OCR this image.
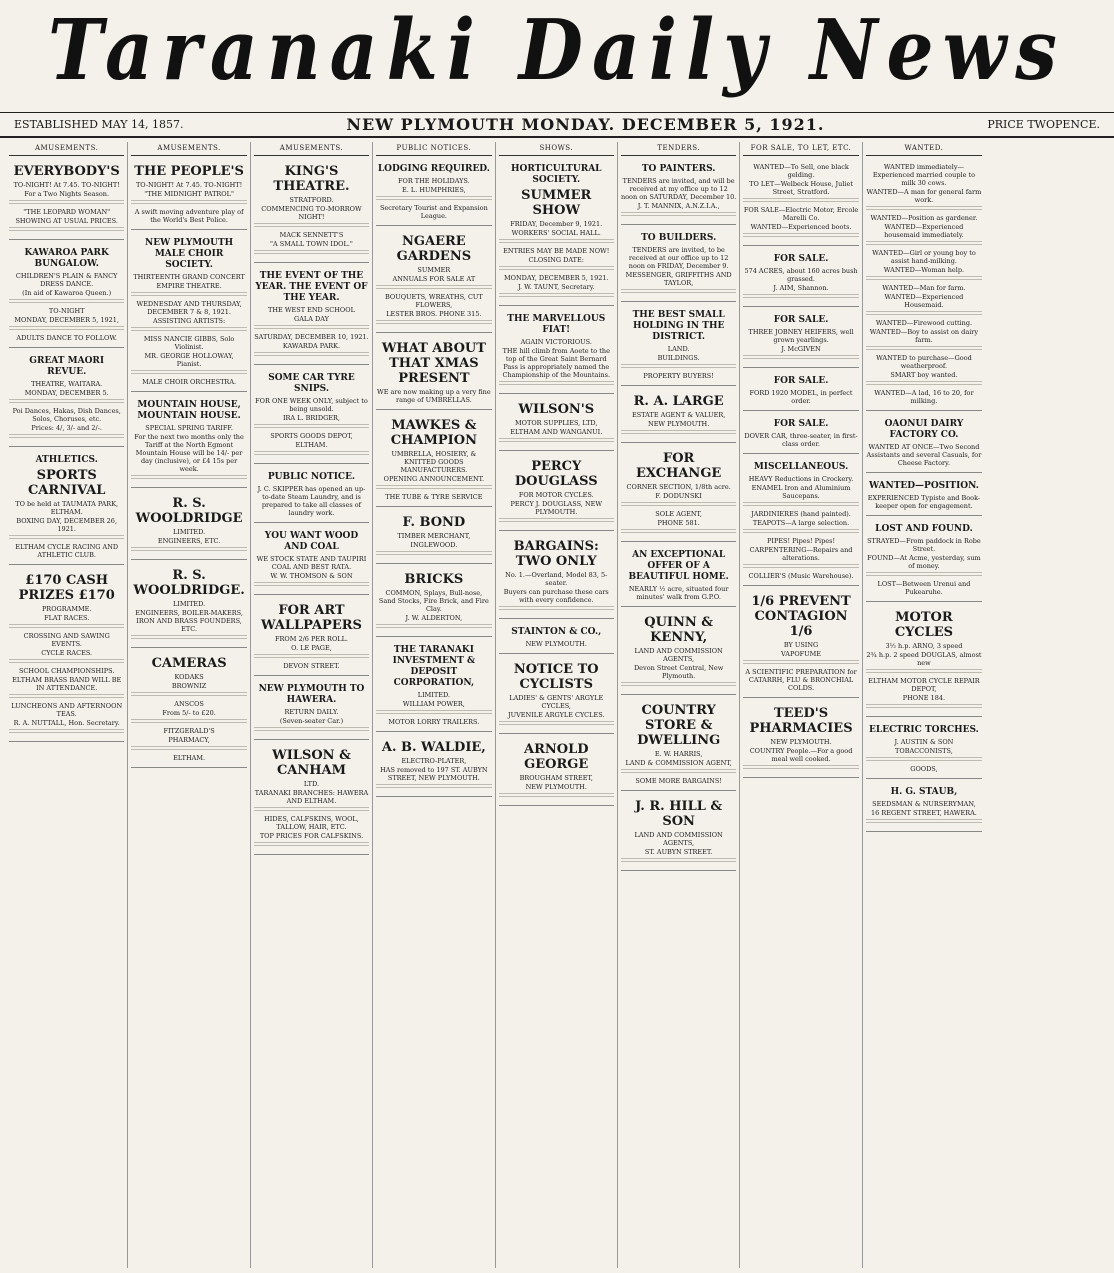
Taranaki Daily News
ESTABLISHED MAY 14, 1857.	NEW PLYMOUTH MONDAY. DECEMBER 5, 1921.	PRICE TWOPENCE.
AMUSEMENTS.
EVERYBODY'S
TO-NIGHT! At 7.45. TO-NIGHT!
For a Two Nights Season.
"THE LEOPARD WOMAN"
SHOWING AT USUAL PRICES.
KAWAROA PARK BUNGALOW.
CHILDREN'S PLAIN & FANCY DRESS DANCE.
(In aid of Kawaroa Queen.)
TO-NIGHT
MONDAY, DECEMBER 5, 1921,
ADULTS DANCE TO FOLLOW.
GREAT MAORI REVUE.
THEATRE, WAITARA.
MONDAY, DECEMBER 5.
Poi Dances, Hakas, Dish Dances, Solos, Choruses, etc.
Prices: 4/, 3/- and 2/-.
ATHLETICS.
SPORTS CARNIVAL
TO be held at TAUMATA PARK, ELTHAM.
BOXING DAY, DECEMBER 26, 1921.
ELTHAM CYCLE RACING AND ATHLETIC CLUB.
£170 CASH PRIZES £170
PROGRAMME.
FLAT RACES.
CROSSING AND SAWING EVENTS.
CYCLE RACES.
SCHOOL CHAMPIONSHIPS.
ELTHAM BRASS BAND WILL BE IN ATTENDANCE.
LUNCHEONS AND AFTERNOON TEAS.
R. A. NUTTALL, Hon. Secretary.
AMUSEMENTS.
THE PEOPLE'S
TO-NIGHT! At 7.45. TO-NIGHT!
"THE MIDNIGHT PATROL"
A swift moving adventure play of the World's Best Police.
NEW PLYMOUTH MALE CHOIR SOCIETY.
THIRTEENTH GRAND CONCERT
EMPIRE THEATRE.
WEDNESDAY AND THURSDAY, DECEMBER 7 & 8, 1921.
ASSISTING ARTISTS:
MISS NANCIE GIBBS, Solo Violinist.
MR. GEORGE HOLLOWAY, Pianist.
MALE CHOIR ORCHESTRA.
MOUNTAIN HOUSE, MOUNTAIN HOUSE.
SPECIAL SPRING TARIFF.
For the next two months only the Tariff at the North Egmont Mountain House will be 14/- per day (inclusive), or £4 15s per week.
R. S. WOOLDRIDGE
LIMITED.
ENGINEERS, ETC.
R. S. WOOLDRIDGE.
LIMITED.
ENGINEERS, BOILER-MAKERS, IRON AND BRASS FOUNDERS, ETC.
CAMERAS
KODAKS
BROWNIZ
ANSCOS
From 5/- to £20.
FITZGERALD'S
PHARMACY,
ELTHAM.
AMUSEMENTS.
KING'S THEATRE.
STRATFORD.
COMMENCING TO-MORROW NIGHT!
MACK SENNETT'S
"A SMALL TOWN IDOL."
THE EVENT OF THE YEAR. THE EVENT OF THE YEAR.
THE WEST END SCHOOL
GALA DAY
SATURDAY, DECEMBER 10, 1921.
KAWARDA PARK.
SOME CAR TYRE SNIPS.
FOR ONE WEEK ONLY, subject to being unsold.
IRA L. BRIDGER,
SPORTS GOODS DEPOT,
ELTHAM.
PUBLIC NOTICE.
J. C. SKIPPER has opened an up-to-date Steam Laundry, and is prepared to take all classes of laundry work.
YOU WANT WOOD AND COAL
WE STOCK STATE AND TAUPIRI COAL AND BEST RATA.
W. W. THOMSON & SON
FOR ART WALLPAPERS
FROM 2/6 PER ROLL.
O. LE PAGE,
DEVON STREET.
NEW PLYMOUTH TO HAWERA.
RETURN DAILY.
(Seven-seater Car.)
WILSON & CANHAM
LTD.
TARANAKI BRANCHES: HAWERA AND ELTHAM.
HIDES, CALFSKINS, WOOL, TALLOW, HAIR, ETC.
TOP PRICES FOR CALFSKINS.
PUBLIC NOTICES.
LODGING REQUIRED.
FOR THE HOLIDAYS.
E. L. HUMPHRIES,
Secretary Tourist and Expansion League.
NGAERE GARDENS
SUMMER
ANNUALS FOR SALE AT
BOUQUETS, WREATHS, CUT FLOWERS,
LESTER BROS. PHONE 315.
WHAT ABOUT THAT XMAS PRESENT
WE are now making up a very fine range of UMBRELLAS.
MAWKES & CHAMPION
UMBRELLA, HOSIERY, & KNITTED GOODS MANUFACTURERS.
OPENING ANNOUNCEMENT.
THE TUBE & TYRE SERVICE
F. BOND
TIMBER MERCHANT,
INGLEWOOD.
BRICKS
COMMON, Splays, Bull-nose, Sand Stocks, Fire Brick, and Fire Clay.
J. W. ALDERTON,
THE TARANAKI INVESTMENT & DEPOSIT CORPORATION,
LIMITED.
WILLIAM POWER,
MOTOR LORRY TRAILERS.
A. B. WALDIE,
ELECTRO-PLATER,
HAS removed to 197 ST. AUBYN STREET, NEW PLYMOUTH.
SHOWS.
HORTICULTURAL SOCIETY.
SUMMER SHOW
FRIDAY, December 9, 1921.
WORKERS' SOCIAL HALL.
ENTRIES MAY BE MADE NOW!
CLOSING DATE:
MONDAY, DECEMBER 5, 1921.
J. W. TAUNT, Secretary.
THE MARVELLOUS FIAT!
AGAIN VICTORIOUS.
THE hill climb from Aoete to the top of the Great Saint Bernard Pass is appropriately named the Championship of the Mountains.
WILSON'S
MOTOR SUPPLIES, LTD,
ELTHAM AND WANGANUI.
PERCY DOUGLASS
FOR MOTOR CYCLES.
PERCY J. DOUGLASS, NEW PLYMOUTH.
BARGAINS: TWO ONLY
No. 1.—Overland, Model 83, 5-seater.
Buyers can purchase these cars with every confidence.
STAINTON & CO.,
NEW PLYMOUTH.
NOTICE TO CYCLISTS
LADIES' & GENTS' ARGYLE CYCLES,
JUVENILE ARGYLE CYCLES.
ARNOLD GEORGE
BROUGHAM STREET,
NEW PLYMOUTH.
TENDERS.
TO PAINTERS.
TENDERS are invited, and will be received at my office up to 12 noon on SATURDAY, December 10.
J. T. MANNIX, A.N.Z.I.A.,
TO BUILDERS.
TENDERS are invited, to be received at our office up to 12 noon on FRIDAY, December 9.
MESSENGER, GRIFFITHS AND TAYLOR,
THE BEST SMALL HOLDING IN THE DISTRICT.
LAND.
BUILDINGS.
PROPERTY BUYERS!
R. A. LARGE
ESTATE AGENT & VALUER,
NEW PLYMOUTH.
FOR EXCHANGE
CORNER SECTION, 1/8th acre.
F. DODUNSKI
SOLE AGENT,
PHONE 581.
AN EXCEPTIONAL OFFER OF A BEAUTIFUL HOME.
NEARLY ½ acre, situated four minutes' walk from G.P.O.
QUINN & KENNY,
LAND AND COMMISSION AGENTS,
Devon Street Central, New Plymouth.
COUNTRY STORE & DWELLING
E. W. HARRIS,
LAND & COMMISSION AGENT,
SOME MORE BARGAINS!
J. R. HILL & SON
LAND AND COMMISSION AGENTS,
ST. AUBYN STREET.
FOR SALE, TO LET, ETC.
WANTED—To Sell, one black gelding.
TO LET—Welbeck House, Juliet Street, Stratford.
FOR SALE—Electric Motor, Ercole Marelli Co.
WANTED—Experienced boots.
FOR SALE.
574 ACRES, about 160 acres bush grassed.
J. AIM, Shannon.
FOR SALE.
THREE JOBNEY HEIFERS, well grown yearlings.
J. McGIVEN
FOR SALE.
FORD 1920 MODEL, in perfect order.
FOR SALE.
DOVER CAR, three-seater, in first-class order.
MISCELLANEOUS.
HEAVY Reductions in Crockery.
ENAMEL Iron and Aluminium Saucepans.
JARDINIERES (hand painted).
TEAPOTS—A large selection.
PIPES! Pipes! Pipes!
CARPENTERING—Repairs and alterations.
COLLIER'S (Music Warehouse).
1/6 PREVENT CONTAGION 1/6
BY USING
VAPOFUME
A SCIENTIFIC PREPARATION for CATARRH, FLU & BRONCHIAL COLDS.
TEED'S PHARMACIES
NEW PLYMOUTH.
COUNTRY People.—For a good meal well cooked.
WANTED.
WANTED immediately—Experienced married couple to milk 30 cows.
WANTED—A man for general farm work.
WANTED—Position as gardener.
WANTED—Experienced housemaid immediately.
WANTED—Girl or young boy to assist hand-milking.
WANTED—Woman help.
WANTED—Man for farm.
WANTED—Experienced Housemaid.
WANTED—Firewood cutting.
WANTED—Boy to assist on dairy farm.
WANTED to purchase—Good weatherproof.
SMART boy wanted.
WANTED—A lad, 16 to 20, for milking.
OAONUI DAIRY FACTORY CO.
WANTED AT ONCE—Two Second Assistants and several Casuals, for Cheese Factory.
WANTED—POSITION.
EXPERIENCED Typiste and Book-keeper open for engagement.
LOST AND FOUND.
STRAYED—From paddock in Robe Street.
FOUND—At Acme, yesterday, sum of money.
LOST—Between Urenui and Pukearuhe.
MOTOR CYCLES
3½ h.p. ARNO, 3 speed
2¾ h.p. 2 speed DOUGLAS, almost new
ELTHAM MOTOR CYCLE REPAIR DEPOT,
PHONE 184.
ELECTRIC TORCHES.
J. AUSTIN & SON
TOBACCONISTS,
GOODS,
H. G. STAUB,
SEEDSMAN & NURSERYMAN,
16 REGENT STREET, HAWERA.
